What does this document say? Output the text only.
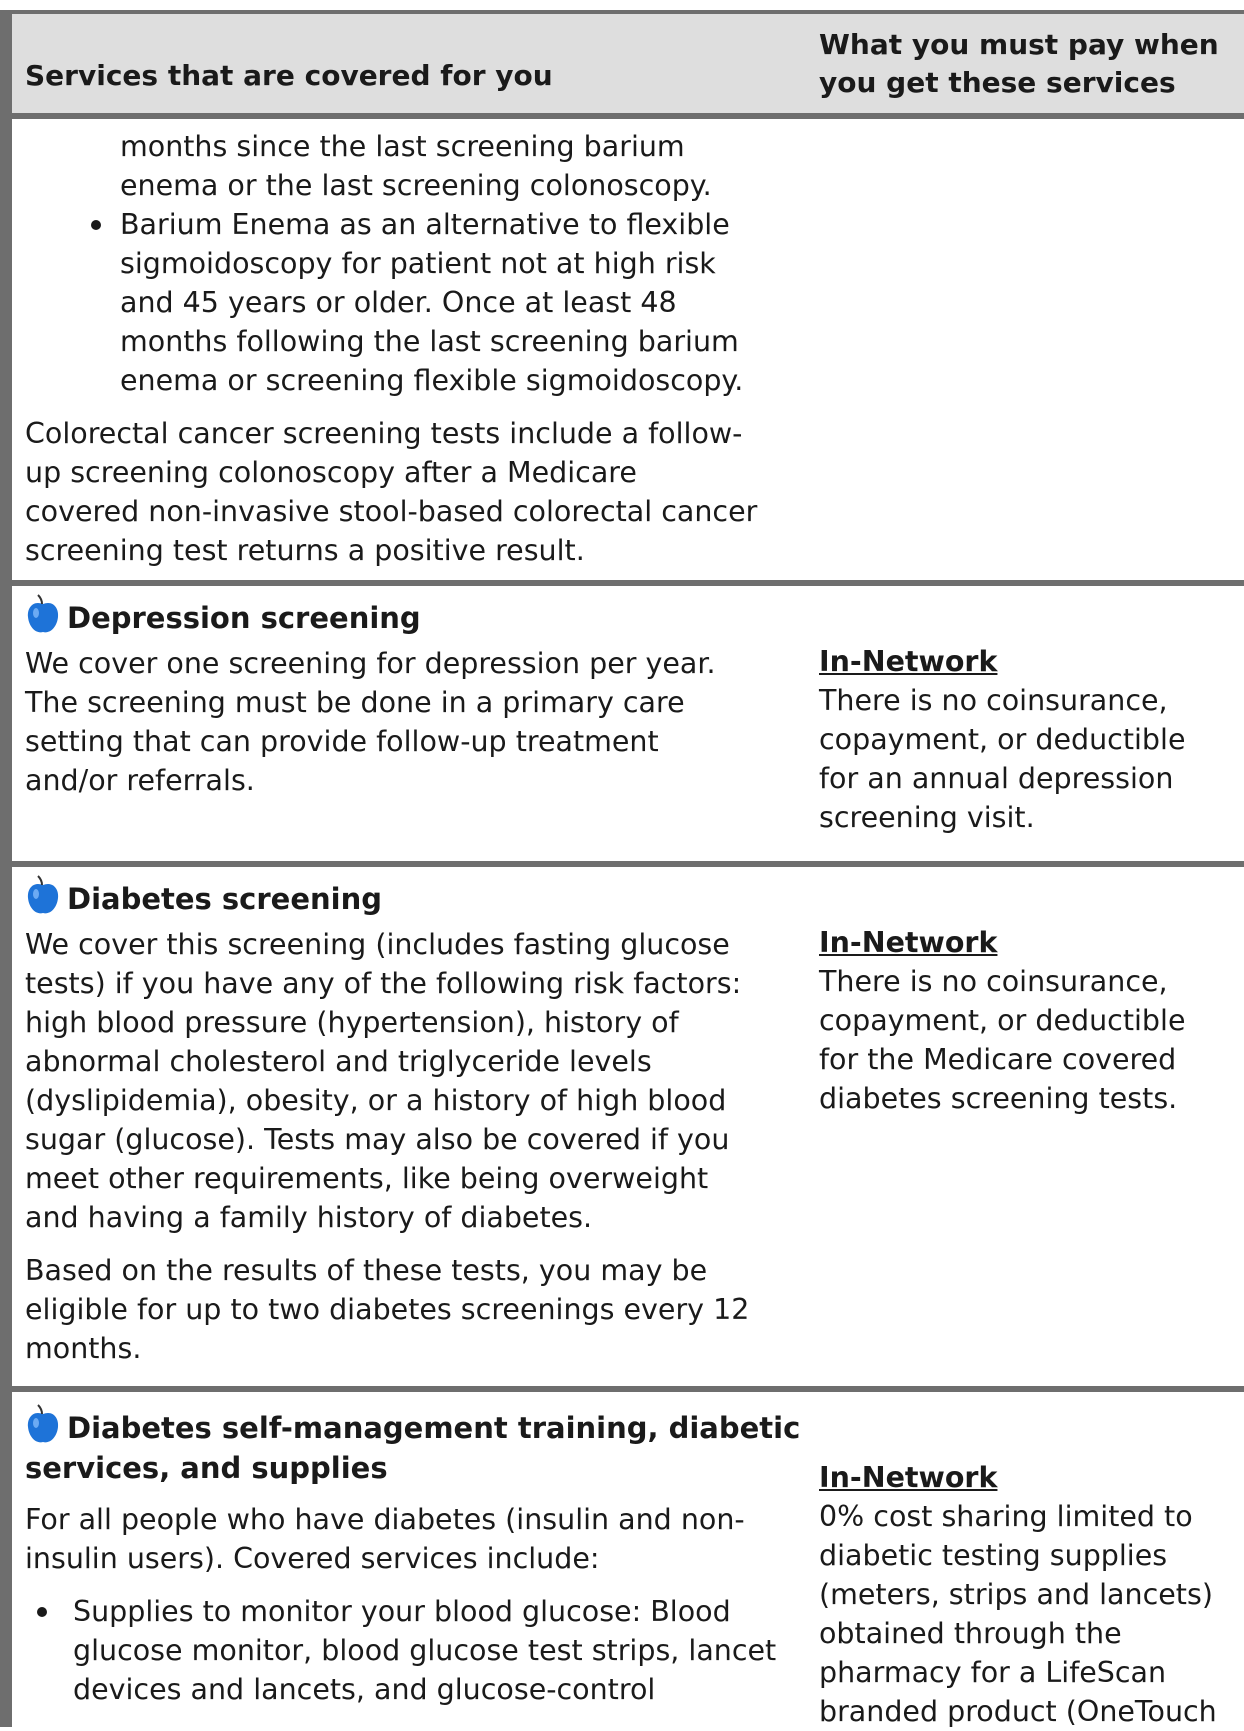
Services that are covered for you
What you must pay when
you get these services
months since the last screening barium
enema or the last screening colonoscopy.
Barium Enema as an alternative to flexible
sigmoidoscopy for patient not at high risk
and 45 years or older. Once at least 48
months following the last screening barium
enema or screening flexible sigmoidoscopy.
Colorectal cancer screening tests include a follow-
up screening colonoscopy after a Medicare
covered non-invasive stool-based colorectal cancer
screening test returns a positive result.
Depression screening
We cover one screening for depression per year.
The screening must be done in a primary care
setting that can provide follow-up treatment
and/or referrals.
In-Network
There is no coinsurance,
copayment, or deductible
for an annual depression
screening visit.
Diabetes screening
We cover this screening (includes fasting glucose
tests) if you have any of the following risk factors:
high blood pressure (hypertension), history of
abnormal cholesterol and triglyceride levels
(dyslipidemia), obesity, or a history of high blood
sugar (glucose). Tests may also be covered if you
meet other requirements, like being overweight
and having a family history of diabetes.
Based on the results of these tests, you may be
eligible for up to two diabetes screenings every 12
months.
In-Network
There is no coinsurance,
copayment, or deductible
for the Medicare covered
diabetes screening tests.
Diabetes self-management training, diabetic
services, and supplies
For all people who have diabetes (insulin and non-
insulin users). Covered services include:
Supplies to monitor your blood glucose: Blood
glucose monitor, blood glucose test strips, lancet
devices and lancets, and glucose-control
In-Network
0% cost sharing limited to
diabetic testing supplies
(meters, strips and lancets)
obtained through the
pharmacy for a LifeScan
branded product (OneTouch
